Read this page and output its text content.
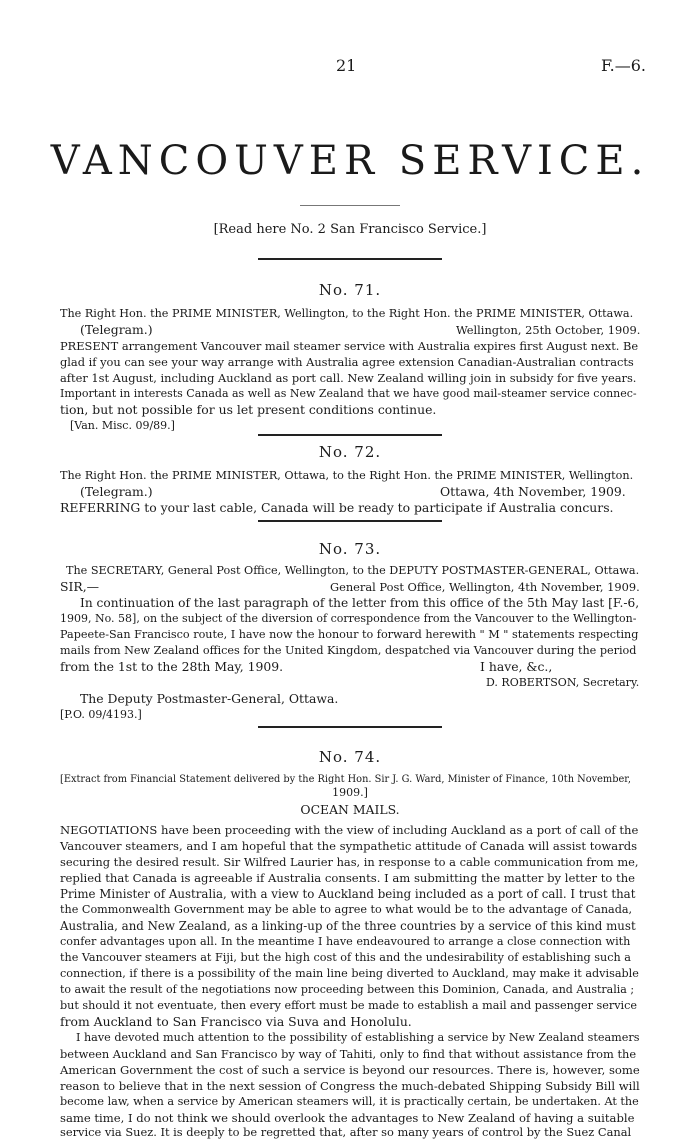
21	F.—6.
VANCOUVER SERVICE.
[Read here No. 2 San Francisco Service.]
No. 71.
The Right Hon. the PRIME MINISTER, Wellington, to the Right Hon. the PRIME MINISTER, Ottawa.
(Telegram.)	Wellington, 25th October, 1909.
PRESENT arrangement Vancouver mail steamer service with Australia expires first August next. Be
glad if you can see your way arrange with Australia agree extension Canadian-Australian contracts
after 1st August, including Auckland as port call. New Zealand willing join in subsidy for five years.
Important in interests Canada as well as New Zealand that we have good mail-steamer service connec-
tion, but not possible for us let present conditions continue.
[Van. Misc. 09/89.]
No. 72.
The Right Hon. the PRIME MINISTER, Ottawa, to the Right Hon. the PRIME MINISTER, Wellington.
(Telegram.)	Ottawa, 4th November, 1909.
REFERRING to your last cable, Canada will be ready to participate if Australia concurs.
No. 73.
The SECRETARY, General Post Office, Wellington, to the DEPUTY POSTMASTER-GENERAL, Ottawa.
SIR,—	General Post Office, Wellington, 4th November, 1909.
In continuation of the last paragraph of the letter from this office of the 5th May last [F.-6,
1909, No. 58], on the subject of the diversion of correspondence from the Vancouver to the Wellington-
Papeete-San Francisco route, I have now the honour to forward herewith " M " statements respecting
mails from New Zealand offices for the United Kingdom, despatched via Vancouver during the period
from the 1st to the 28th May, 1909.	I have, &c.,
D. ROBERTSON, Secretary.
The Deputy Postmaster-General, Ottawa.
[P.O. 09/4193.]
No. 74.
[Extract from Financial Statement delivered by the Right Hon. Sir J. G. Ward, Minister of Finance, 10th November,
1909.]
OCEAN MAILS.
NEGOTIATIONS have been proceeding with the view of including Auckland as a port of call of the
Vancouver steamers, and I am hopeful that the sympathetic attitude of Canada will assist towards
securing the desired result. Sir Wilfred Laurier has, in response to a cable communication from me,
replied that Canada is agreeable if Australia consents. I am submitting the matter by letter to the
Prime Minister of Australia, with a view to Auckland being included as a port of call. I trust that
the Commonwealth Government may be able to agree to what would be to the advantage of Canada,
Australia, and New Zealand, as a linking-up of the three countries by a service of this kind must
confer advantages upon all. In the meantime I have endeavoured to arrange a close connection with
the Vancouver steamers at Fiji, but the high cost of this and the undesirability of establishing such a
connection, if there is a possibility of the main line being diverted to Auckland, may make it advisable
to await the result of the negotiations now proceeding between this Dominion, Canada, and Australia ;
but should it not eventuate, then every effort must be made to establish a mail and passenger service
from Auckland to San Francisco via Suva and Honolulu.
I have devoted much attention to the possibility of establishing a service by New Zealand steamers
between Auckland and San Francisco by way of Tahiti, only to find that without assistance from the
American Government the cost of such a service is beyond our resources. There is, however, some
reason to believe that in the next session of Congress the much-debated Shipping Subsidy Bill will
become law, when a service by American steamers will, it is practically certain, be undertaken. At the
same time, I do not think we should overlook the advantages to New Zealand of having a suitable
service via Suez. It is deeply to be regretted that, after so many years of control by the Suez Canal
